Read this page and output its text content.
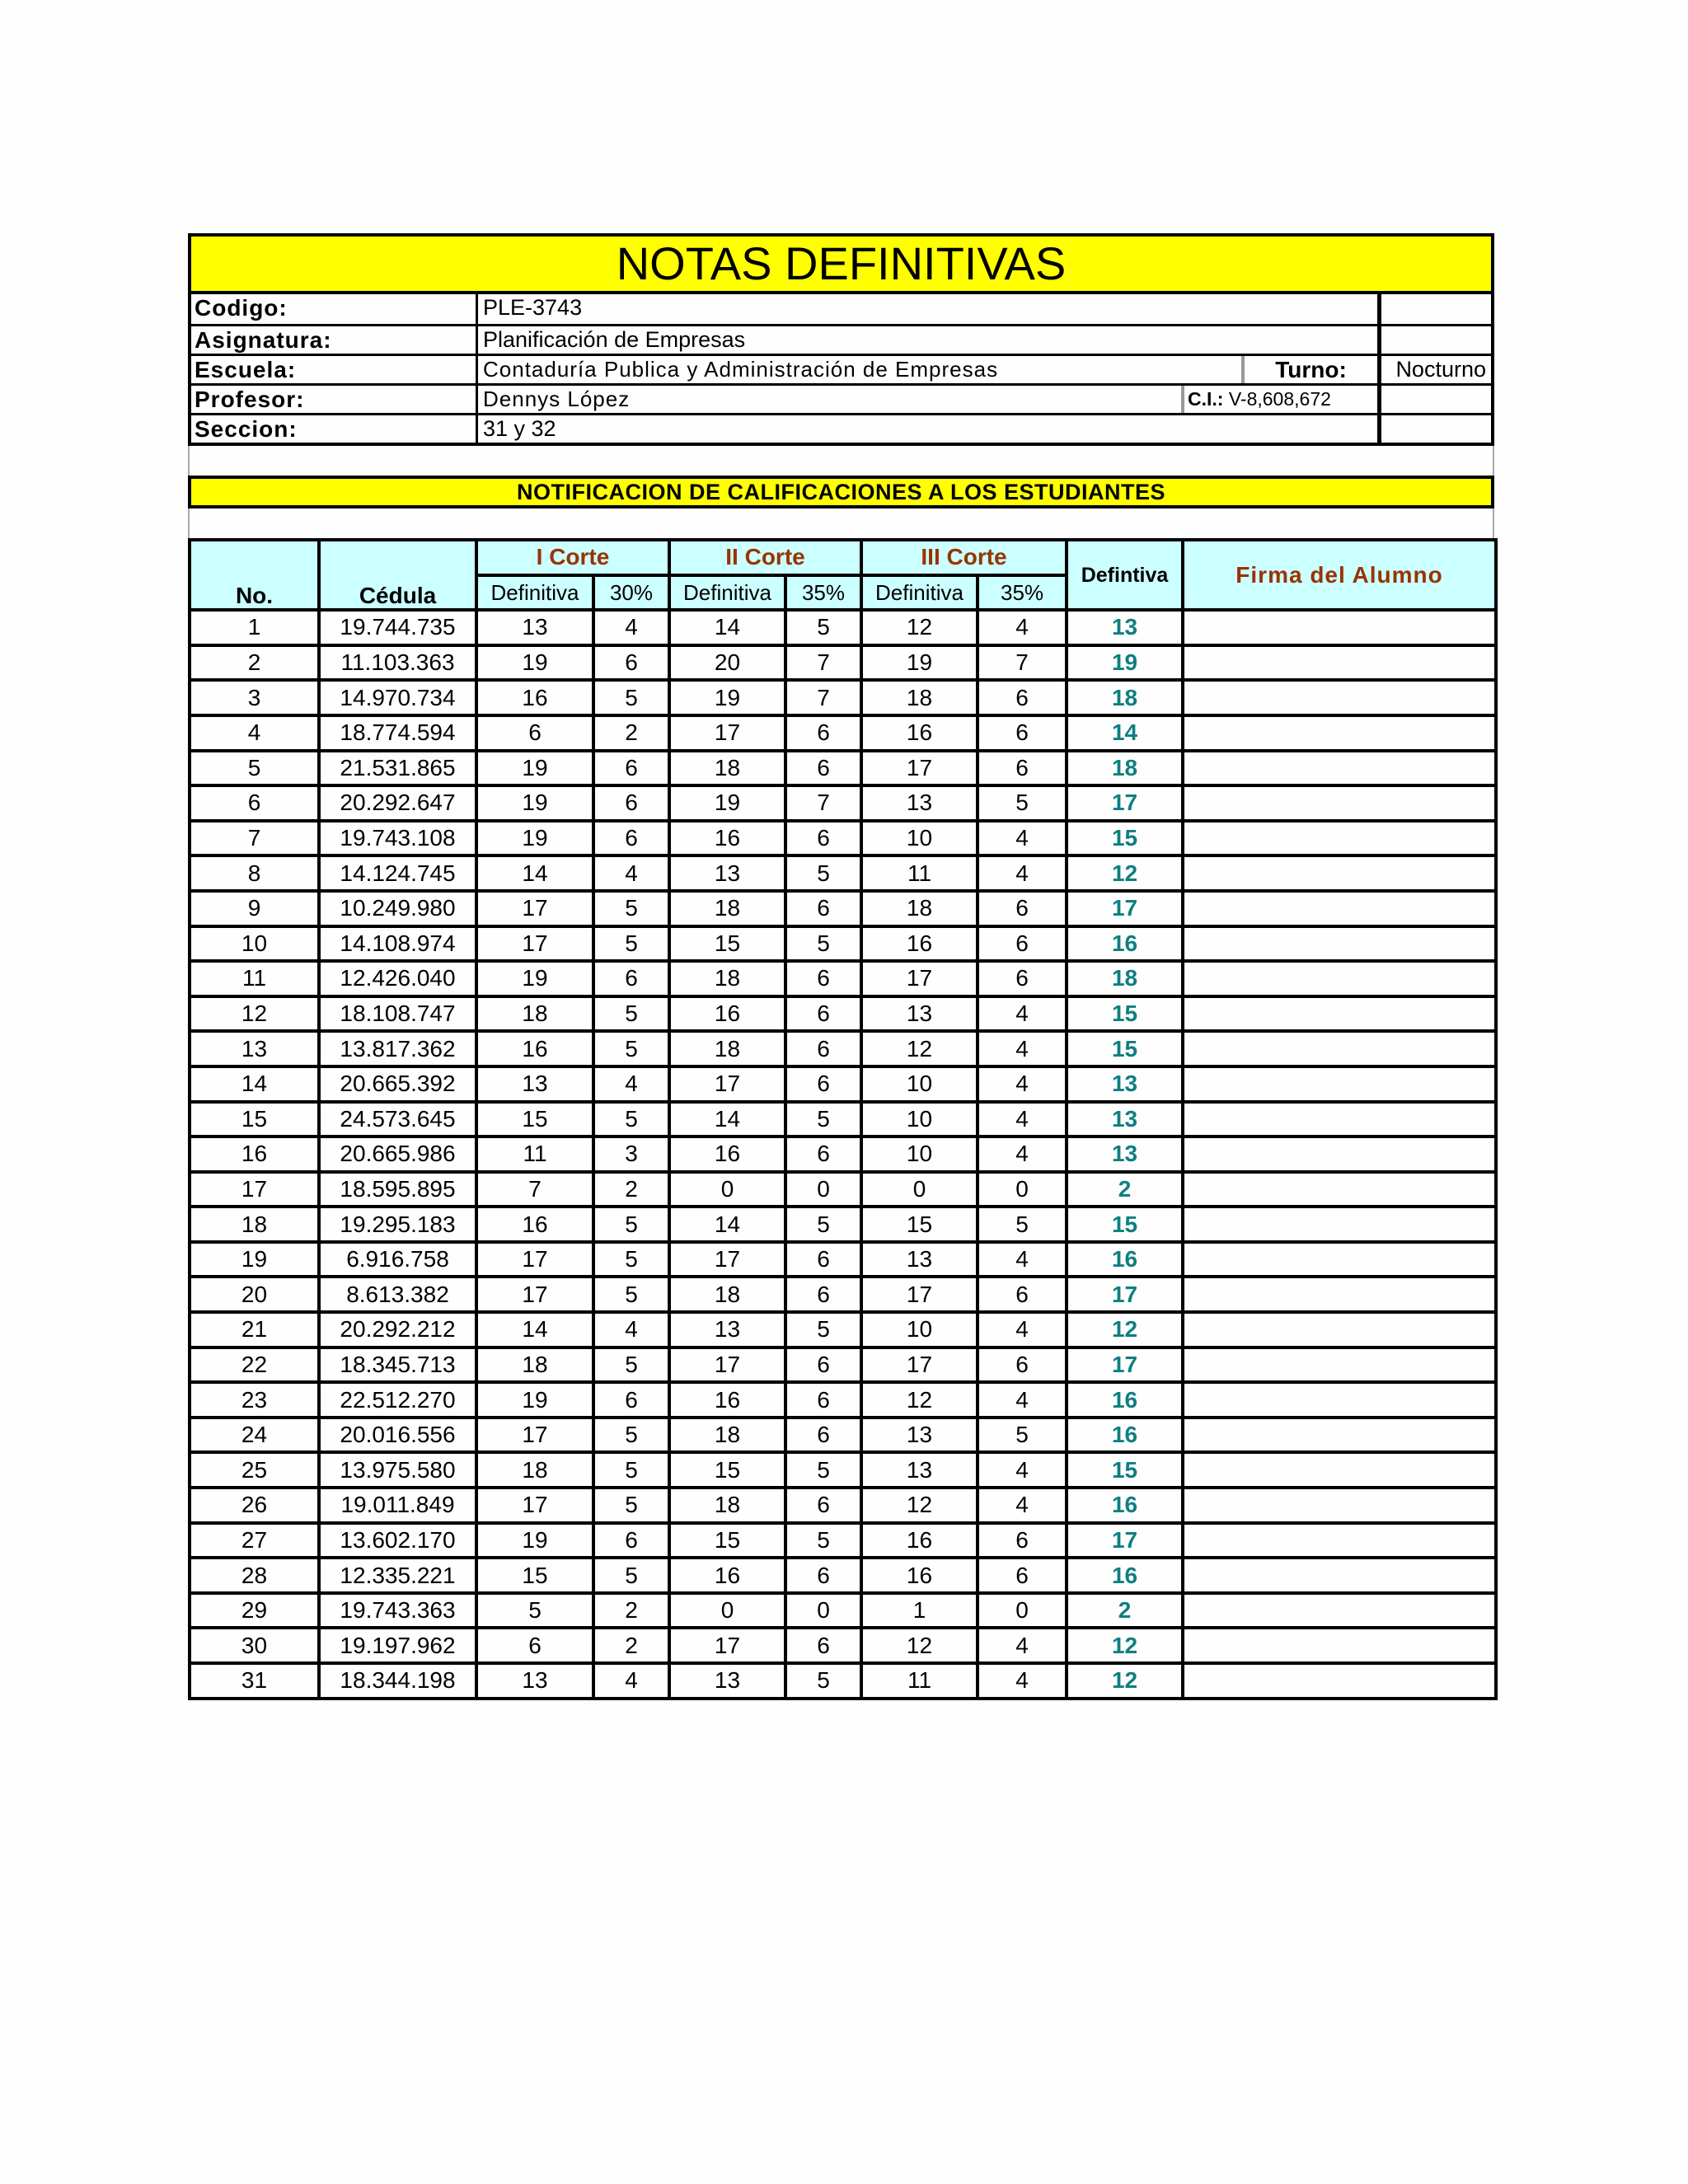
NOTAS DEFINITIVAS
Codigo:	PLE-3743
Asignatura:	Planificación de Empresas
Escuela:	Contaduría Publica y Administración de Empresas	Turno:	Nocturno
Profesor:	Dennys López	C.I.: V-8,608,672
Seccion:	31 y 32
NOTIFICACION DE CALIFICACIONES A LOS ESTUDIANTES
No.	Cédula	I Corte		II Corte		III Corte		Defintiva	Firma del Alumno
		Definitiva	30%	Definitiva	35%	Definitiva	35%		
1	19.744.735	13	4	14	5	12	4	13	
2	11.103.363	19	6	20	7	19	7	19	
3	14.970.734	16	5	19	7	18	6	18	
4	18.774.594	6	2	17	6	16	6	14	
5	21.531.865	19	6	18	6	17	6	18	
6	20.292.647	19	6	19	7	13	5	17	
7	19.743.108	19	6	16	6	10	4	15	
8	14.124.745	14	4	13	5	11	4	12	
9	10.249.980	17	5	18	6	18	6	17	
10	14.108.974	17	5	15	5	16	6	16	
11	12.426.040	19	6	18	6	17	6	18	
12	18.108.747	18	5	16	6	13	4	15	
13	13.817.362	16	5	18	6	12	4	15	
14	20.665.392	13	4	17	6	10	4	13	
15	24.573.645	15	5	14	5	10	4	13	
16	20.665.986	11	3	16	6	10	4	13	
17	18.595.895	7	2	0	0	0	0	2	
18	19.295.183	16	5	14	5	15	5	15	
19	6.916.758	17	5	17	6	13	4	16	
20	8.613.382	17	5	18	6	17	6	17	
21	20.292.212	14	4	13	5	10	4	12	
22	18.345.713	18	5	17	6	17	6	17	
23	22.512.270	19	6	16	6	12	4	16	
24	20.016.556	17	5	18	6	13	5	16	
25	13.975.580	18	5	15	5	13	4	15	
26	19.011.849	17	5	18	6	12	4	16	
27	13.602.170	19	6	15	5	16	6	17	
28	12.335.221	15	5	16	6	16	6	16	
29	19.743.363	5	2	0	0	1	0	2	
30	19.197.962	6	2	17	6	12	4	12	
31	18.344.198	13	4	13	5	11	4	12	
